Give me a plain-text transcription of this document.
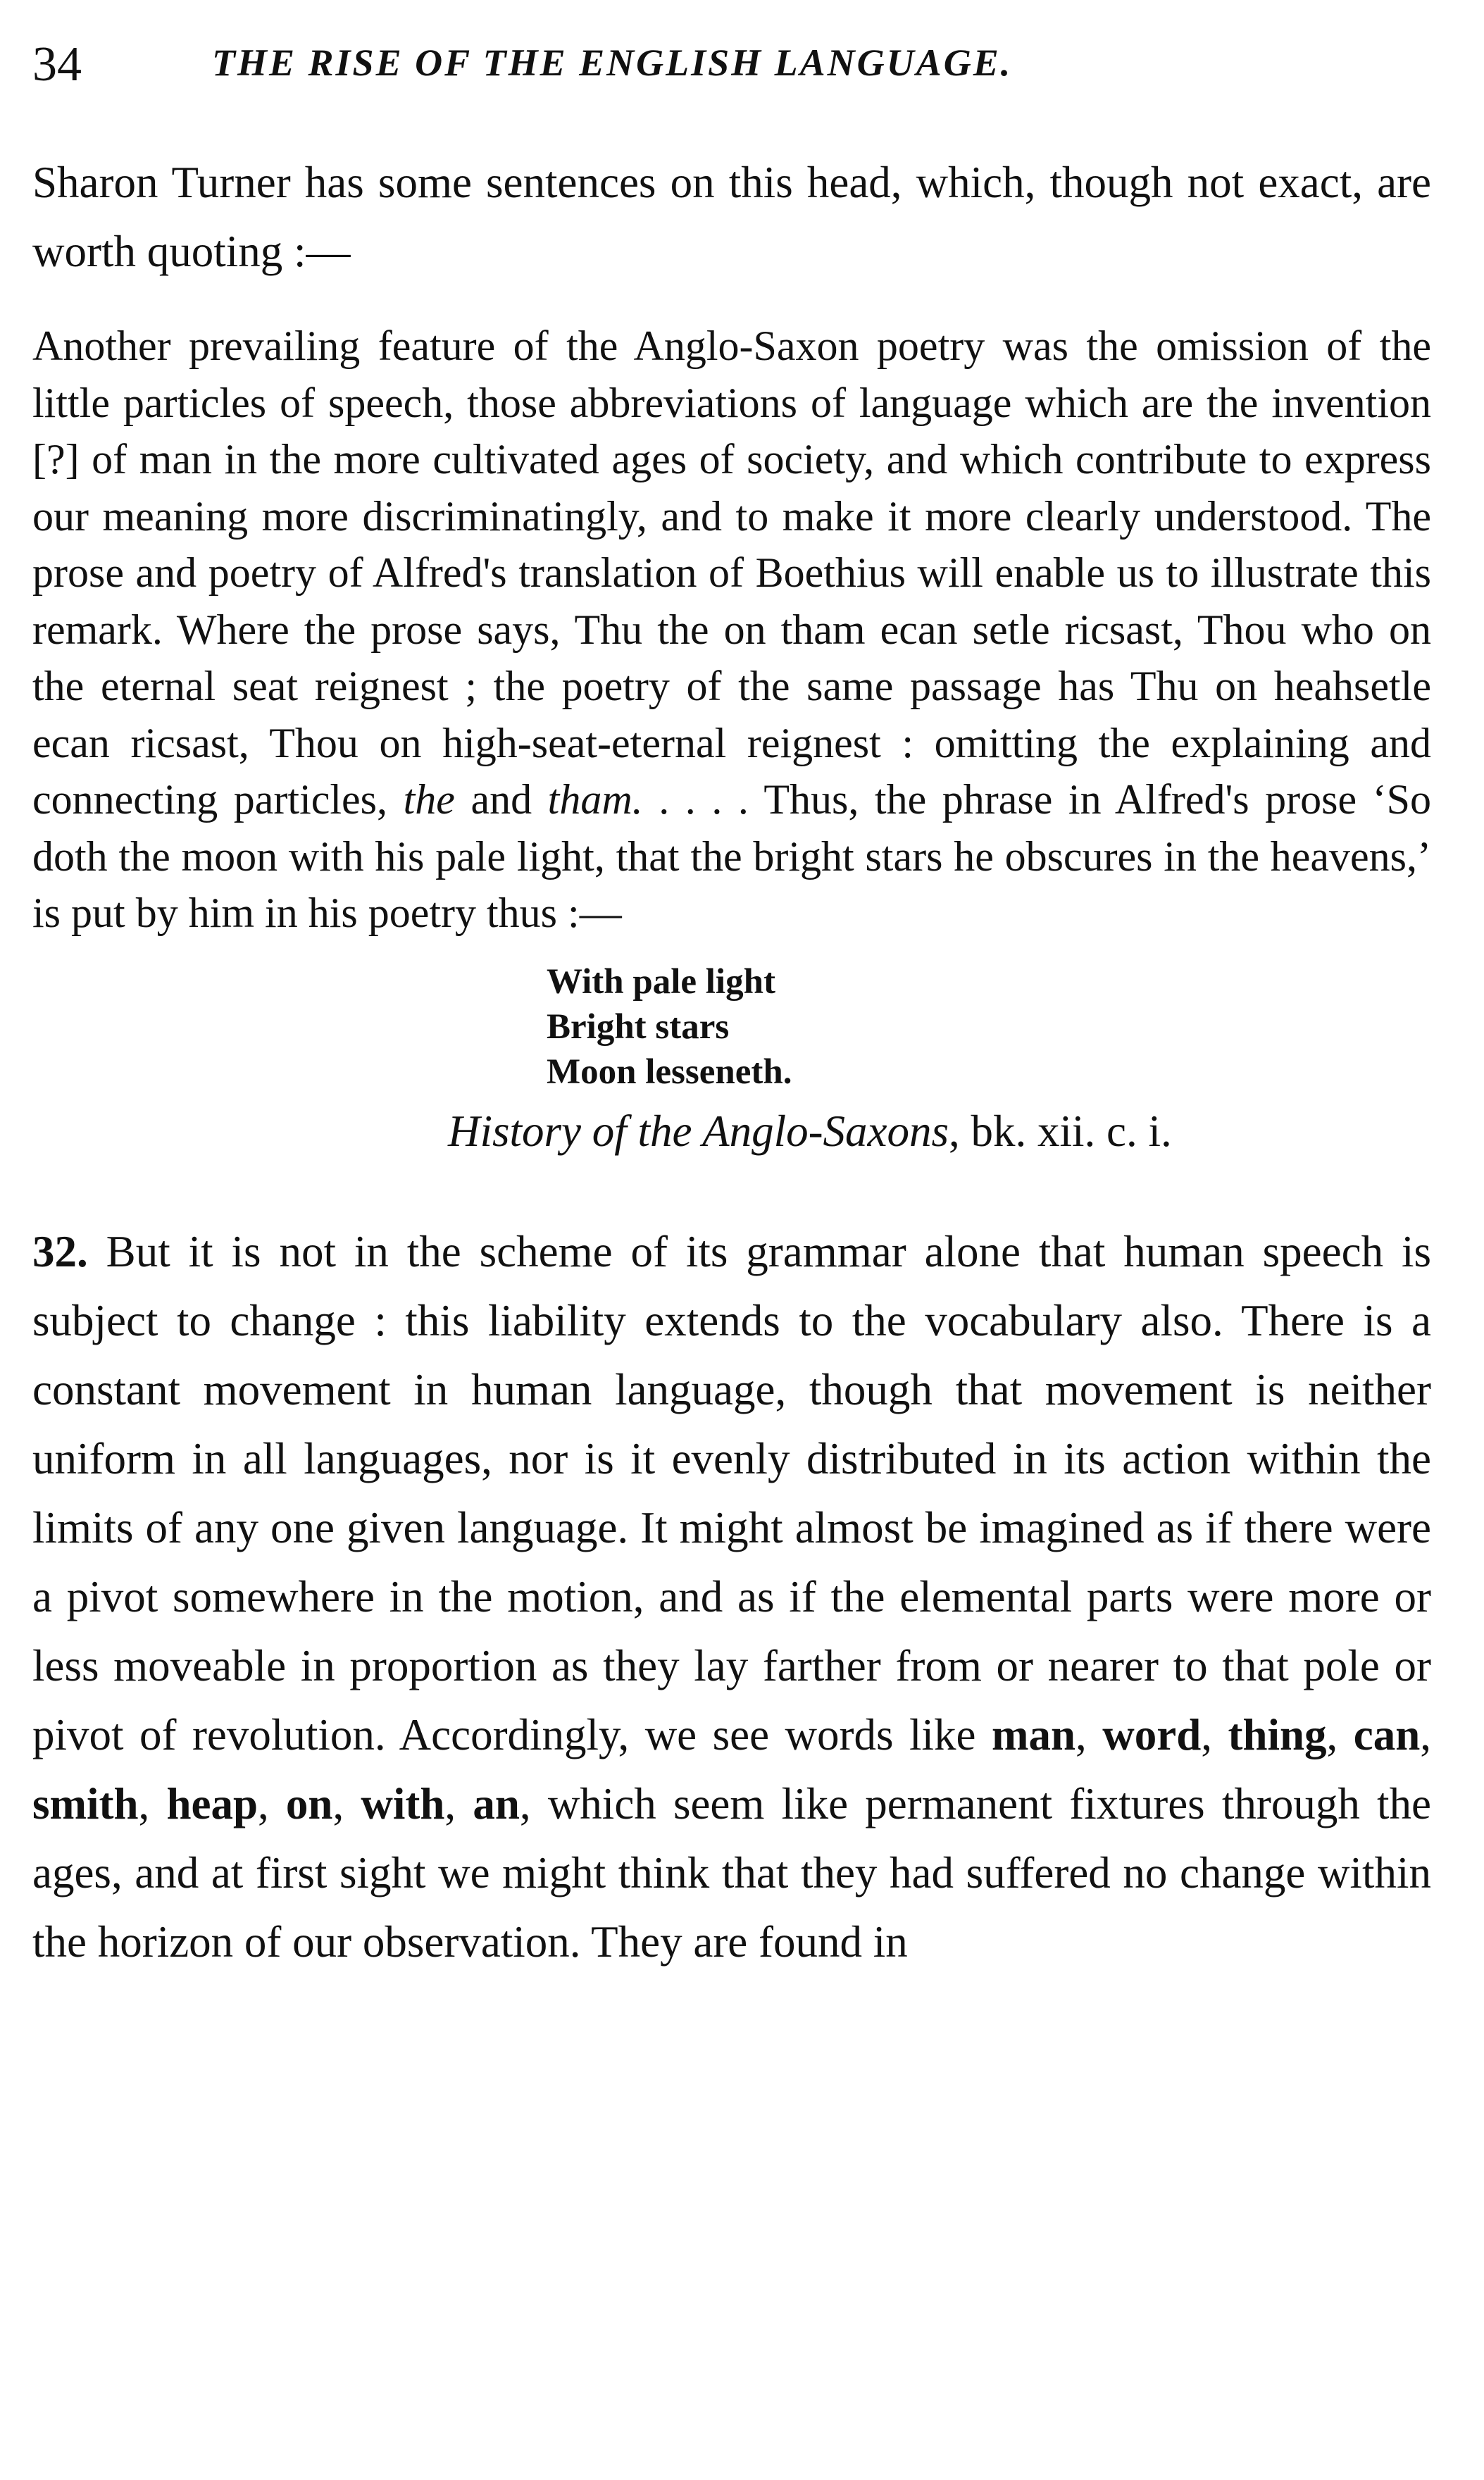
34	THE RISE OF THE ENGLISH LANGUAGE.

Sharon Turner has some sentences on this head, which, though not exact, are worth quoting :—

Another prevailing feature of the Anglo-Saxon poetry was the omission of the little particles of speech, those abbreviations of language which are the invention [?] of man in the more cultivated ages of society, and which contribute to express our meaning more discriminatingly, and to make it more clearly understood. The prose and poetry of Alfred's translation of Boethius will enable us to illustrate this remark. Where the prose says, Thu the on tham ecan setle ricsast, Thou who on the eternal seat reignest ; the poetry of the same passage has Thu on heahsetle ecan ricsast, Thou on high-seat-eternal reignest : omitting the explaining and connecting particles, the and tham. . . . . Thus, the phrase in Alfred's prose ‘So doth the moon with his pale light, that the bright stars he obscures in the heavens,’ is put by him in his poetry thus :—

With pale light
Bright stars
Moon lesseneth.
History of the Anglo-Saxons, bk. xii. c. i.

32. But it is not in the scheme of its grammar alone that human speech is subject to change : this liability extends to the vocabulary also. There is a constant movement in human language, though that movement is neither uniform in all languages, nor is it evenly distributed in its action within the limits of any one given language. It might almost be imagined as if there were a pivot somewhere in the motion, and as if the elemental parts were more or less moveable in proportion as they lay farther from or nearer to that pole or pivot of revolution. Accordingly, we see words like man, word, thing, can, smith, heap, on, with, an, which seem like permanent fixtures through the ages, and at first sight we might think that they had suffered no change within the horizon of our observation. They are found in
